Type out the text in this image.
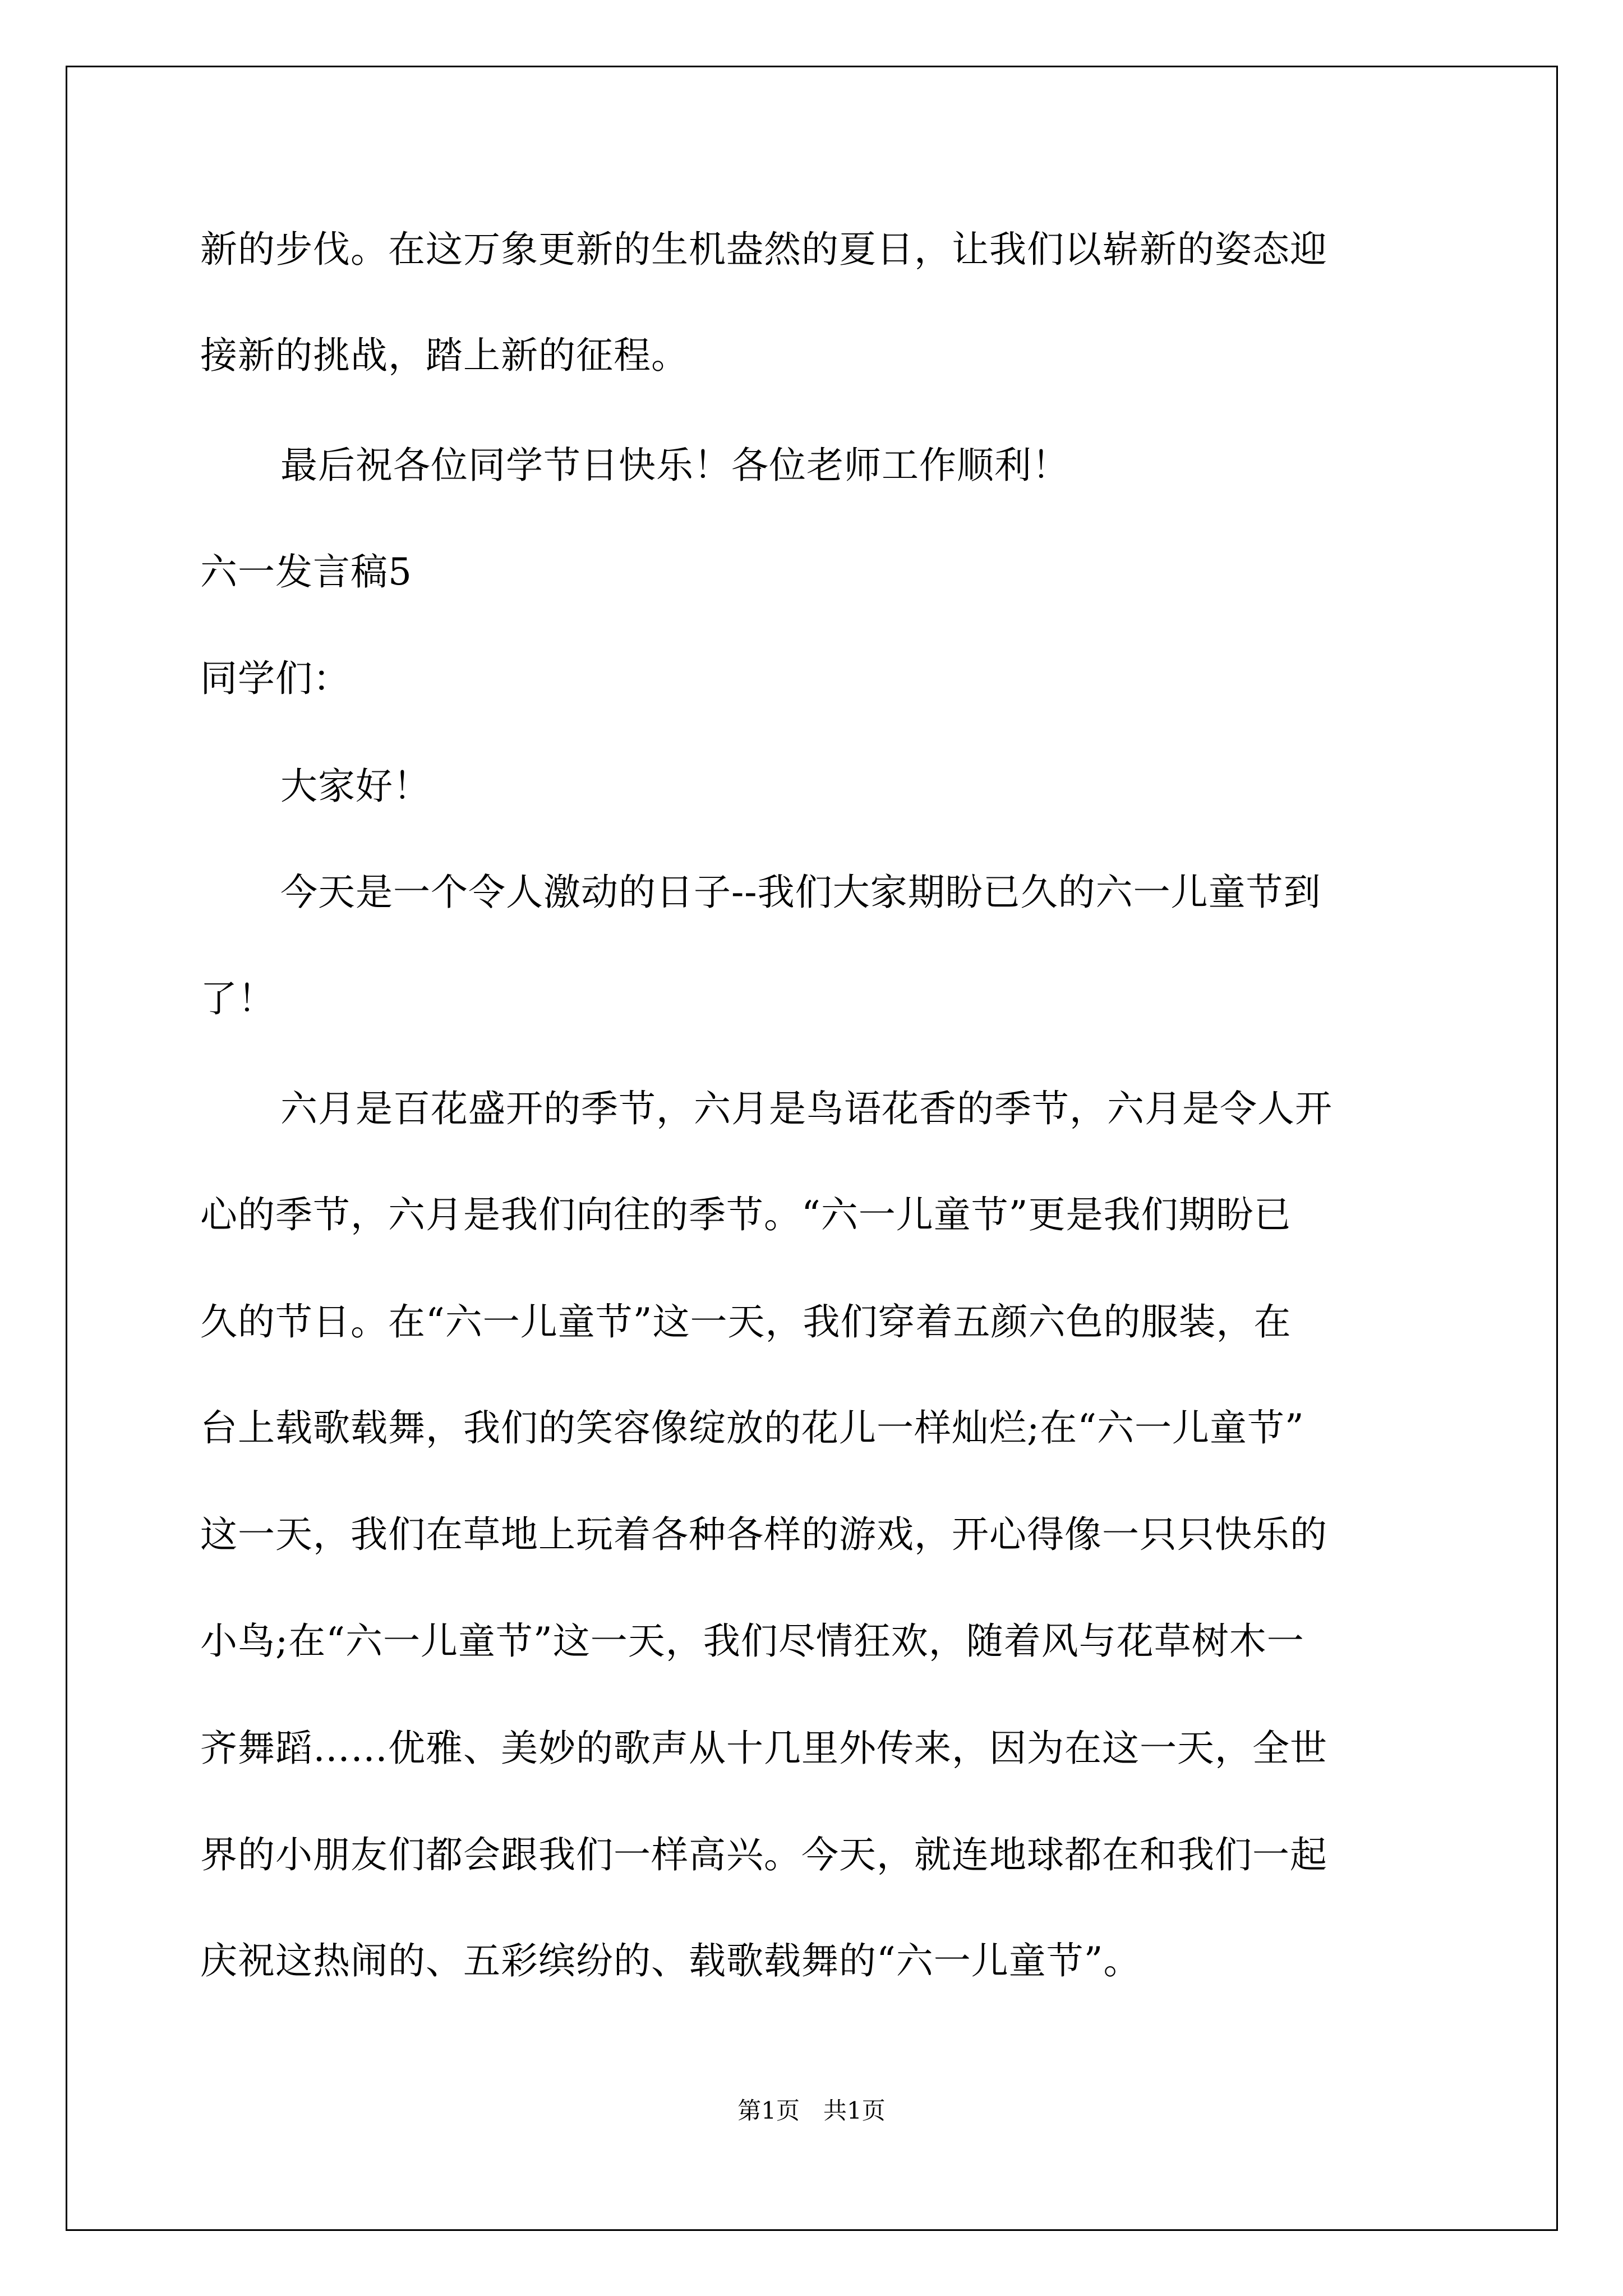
新的步伐。在这万象更新的生机盎然的夏日，让我们以崭新的姿态迎

接新的挑战，踏上新的征程。

最后祝各位同学节日快乐！各位老师工作顺利！

六一发言稿5

同学们：

大家好！

今天是一个令人激动的日子--我们大家期盼已久的六一儿童节到

了！

六月是百花盛开的季节，六月是鸟语花香的季节，六月是令人开

心的季节，六月是我们向往的季节。“六一儿童节”更是我们期盼已

久的节日。在“六一儿童节”这一天，我们穿着五颜六色的服装，在

台上载歌载舞，我们的笑容像绽放的花儿一样灿烂;在“六一儿童节”

这一天，我们在草地上玩着各种各样的游戏，开心得像一只只快乐的

小鸟;在“六一儿童节”这一天，我们尽情狂欢，随着风与花草树木一

齐舞蹈……优雅、美妙的歌声从十几里外传来，因为在这一天，全世

界的小朋友们都会跟我们一样高兴。今天，就连地球都在和我们一起

庆祝这热闹的、五彩缤纷的、载歌载舞的“六一儿童节”。

第1页　共1页
